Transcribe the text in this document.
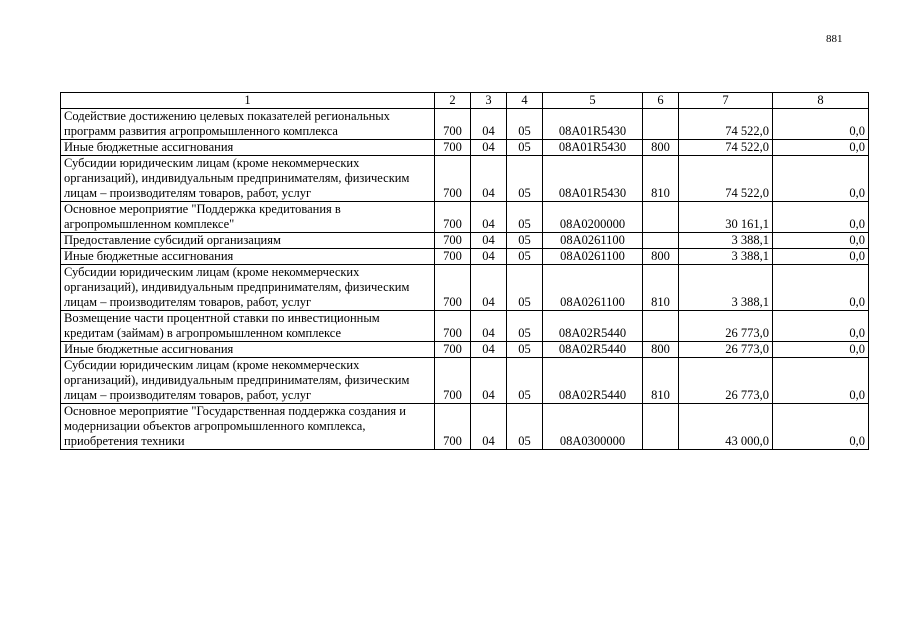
881
1	2	3	4	5	6	7	8
Содействие достижению целевых показателей региональных программ развития агропромышленного комплекса	700	04	05	08А01R5430		74 522,0	0,0
Иные бюджетные ассигнования	700	04	05	08А01R5430	800	74 522,0	0,0
Субсидии юридическим лицам (кроме некоммерческих организаций), индивидуальным предпринимателям, физическим лицам – производителям товаров, работ, услуг	700	04	05	08А01R5430	810	74 522,0	0,0
Основное мероприятие "Поддержка кредитования в агропромышленном комплексе"	700	04	05	08А0200000		30 161,1	0,0
Предоставление субсидий организациям	700	04	05	08А0261100		3 388,1	0,0
Иные бюджетные ассигнования	700	04	05	08А0261100	800	3 388,1	0,0
Субсидии юридическим лицам (кроме некоммерческих организаций), индивидуальным предпринимателям, физическим лицам – производителям товаров, работ, услуг	700	04	05	08А0261100	810	3 388,1	0,0
Возмещение части процентной ставки по инвестиционным кредитам (займам) в агропромышленном комплексе	700	04	05	08А02R5440		26 773,0	0,0
Иные бюджетные ассигнования	700	04	05	08А02R5440	800	26 773,0	0,0
Субсидии юридическим лицам (кроме некоммерческих организаций), индивидуальным предпринимателям, физическим лицам – производителям товаров, работ, услуг	700	04	05	08А02R5440	810	26 773,0	0,0
Основное мероприятие "Государственная поддержка создания и модернизации объектов агропромышленного комплекса, приобретения техники	700	04	05	08А0300000		43 000,0	0,0
